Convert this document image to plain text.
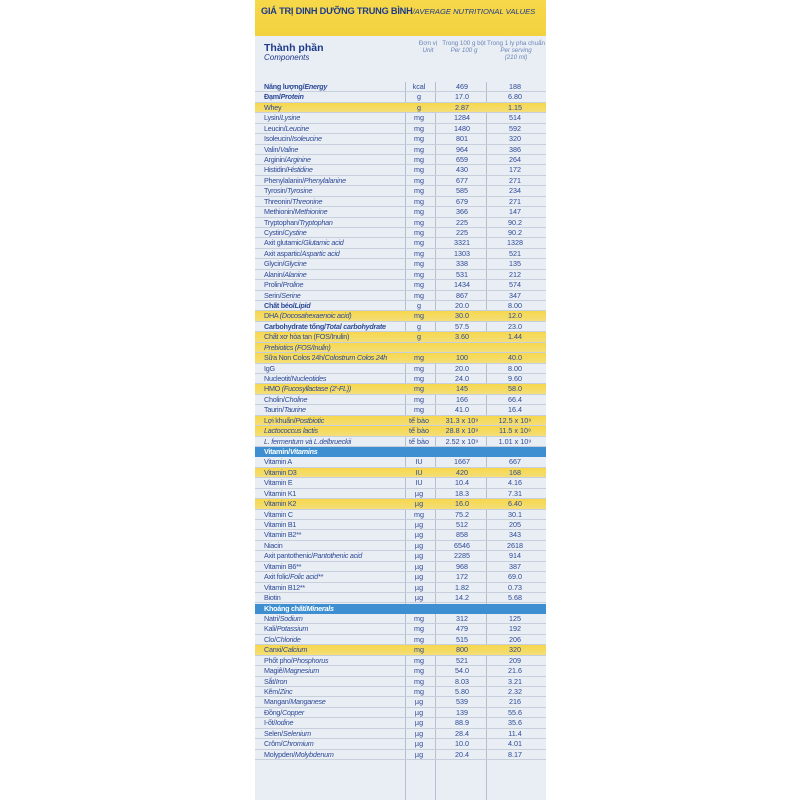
GIÁ TRỊ DINH DƯỠNG TRUNG BÌNH/AVERAGE NUTRITIONAL VALUES
Thành phần
Components
Đơn vị
Unit
Trong 100 g bột
Per 100 g
Trong 1 ly pha chuẩn
Per serving
(210 ml)
Năng lượng/Energy	kcal	469	188
Đạm/Protein	g	17.0	6.80
Whey	g	2.87	1.15
Lysin/Lysine	mg	1284	514
Leucin/Leucine	mg	1480	592
Isoleucin/Isoleucine	mg	801	320
Valin/Valine	mg	964	386
Arginin/Arginine	mg	659	264
Histidin/Histidine	mg	430	172
Phenylalanin/Phenylalanine	mg	677	271
Tyrosin/Tyrosine	mg	585	234
Threonin/Threonine	mg	679	271
Methionin/Methionine	mg	366	147
Tryptophan/Tryptophan	mg	225	90.2
Cystin/Cystine	mg	225	90.2
Axit glutamic/Glutamic acid	mg	3321	1328
Axit aspartic/Aspartic acid	mg	1303	521
Glycin/Glycine	mg	338	135
Alanin/Alanine	mg	531	212
Prolin/Proline	mg	1434	574
Serin/Serine	mg	867	347
Chất béo/Lipid	g	20.0	8.00
DHA (Docosahexaenoic acid)	mg	30.0	12.0
Carbohydrate tổng/Total carbohydrate	g	57.5	23.0
Chất xơ hòa tan (FOS/Inulin)	g	3.60	1.44
Prebiotics (FOS/Inulin)
Sữa Non Colos 24h/Colostrum Colos 24h	mg	100	40.0
IgG	mg	20.0	8.00
Nucleotit/Nucleotides	mg	24.0	9.60
HMO (Fucosyllactase (2'-FL))	mg	145	58.0
Cholin/Choline	mg	166	66.4
Taurin/Taurine	mg	41.0	16.4
Lợi khuẩn/Postbiotic	tế bào	31.3 x 10⁹	12.5 x 10⁹
Lactococcus lactis	tế bào	28.8 x 10⁹	11.5 x 10⁹
L. fermentum và L.delbrueckii	tế bào	2.52 x 10⁹	1.01 x 10⁹
Vitamin/Vitamins
Vitamin A	IU	1667	667
Vitamin D3	IU	420	168
Vitamin E	IU	10.4	4.16
Vitamin K1	µg	18.3	7.31
Vitamin K2	µg	16.0	6.40
Vitamin C	mg	75.2	30.1
Vitamin B1	µg	512	205
Vitamin B2**	µg	858	343
Niacin	µg	6546	2618
Axit pantothenic/Pantothenic acid	µg	2285	914
Vitamin B6**	µg	968	387
Axit folic/Folic acid**	µg	172	69.0
Vitamin B12**	µg	1.82	0.73
Biotin	µg	14.2	5.68
Khoáng chất/Minerals
Natri/Sodium	mg	312	125
Kali/Potassium	mg	479	192
Clo/Chloride	mg	515	206
Canxi/Calcium	mg	800	320
Phốt pho/Phosphorus	mg	521	209
Magiê/Magnesium	mg	54.0	21.6
Sắt/Iron	mg	8.03	3.21
Kẽm/Zinc	mg	5.80	2.32
Mangan/Manganese	µg	539	216
Đồng/Copper	µg	139	55.6
I-ốt/Iodine	µg	88.9	35.6
Selen/Selenium	µg	28.4	11.4
Crôm/Chromium	µg	10.0	4.01
Molypden/Molybdenum	µg	20.4	8.17
